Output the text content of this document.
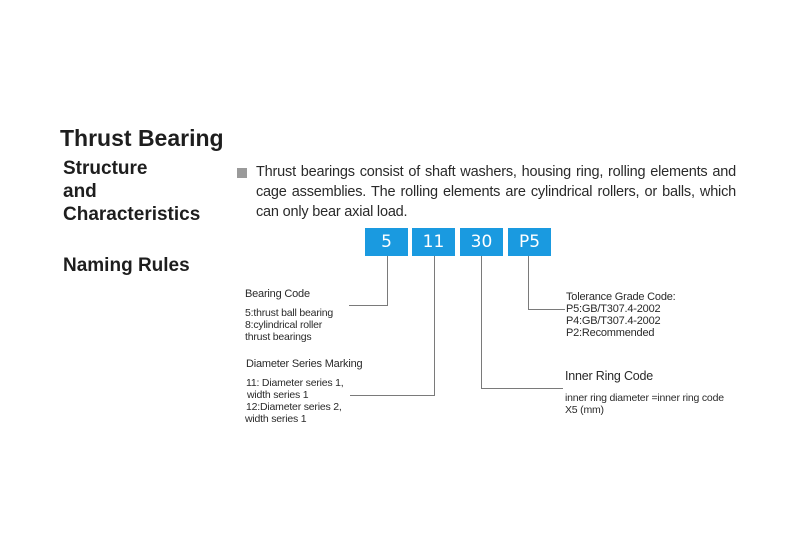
Thrust Bearing
Structure
and
Characteristics
Thrust bearings consist of shaft washers, housing ring, rolling elements and cage assemblies. The rolling elements are cylindrical rollers, or balls, which can only bear axial load.
Naming Rules
5	11	30	P5
Bearing Code
5:thrust ball bearing
8:cylindrical roller
thrust bearings
Diameter Series Marking
11: Diameter series 1,
width series 1
12:Diameter series 2,
width series 1
Tolerance Grade Code:
P5:GB/T307.4-2002
P4:GB/T307.4-2002
P2:Recommended
Inner Ring Code
inner ring diameter =inner ring code
X5 (mm)
